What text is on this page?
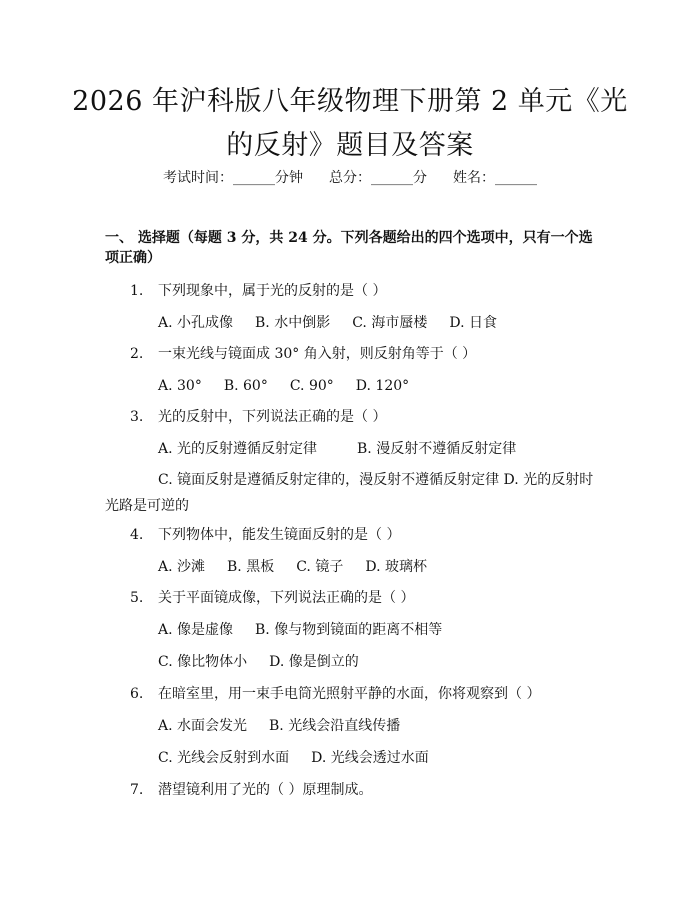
2026 年沪科版八年级物理下册第 2 单元《光的反射》题目及答案
考试时间：______分钟 总分：______分 姓名：______
一、 选择题（每题 3 分，共 24 分。下列各题给出的四个选项中，只有一个选项正确）
1. 下列现象中，属于光的反射的是（ ）
A. 小孔成像 B. 水中倒影 C. 海市蜃楼 D. 日食
2. 一束光线与镜面成 30° 角入射，则反射角等于（ ）
A. 30° B. 60° C. 90° D. 120°
3. 光的反射中，下列说法正确的是（ ）
A. 光的反射遵循反射定律	B. 漫反射不遵循反射定律
C. 镜面反射是遵循反射定律的，漫反射不遵循反射定律 D. 光的反射时光路是可逆的
4. 下列物体中，能发生镜面反射的是（ ）
A. 沙滩 B. 黑板 C. 镜子 D. 玻璃杯
5. 关于平面镜成像，下列说法正确的是（ ）
A. 像是虚像 B. 像与物到镜面的距离不相等
C. 像比物体小 D. 像是倒立的
6. 在暗室里，用一束手电筒光照射平静的水面，你将观察到（ ）
A. 水面会发光 B. 光线会沿直线传播
C. 光线会反射到水面 D. 光线会透过水面
7. 潜望镜利用了光的（ ）原理制成。
